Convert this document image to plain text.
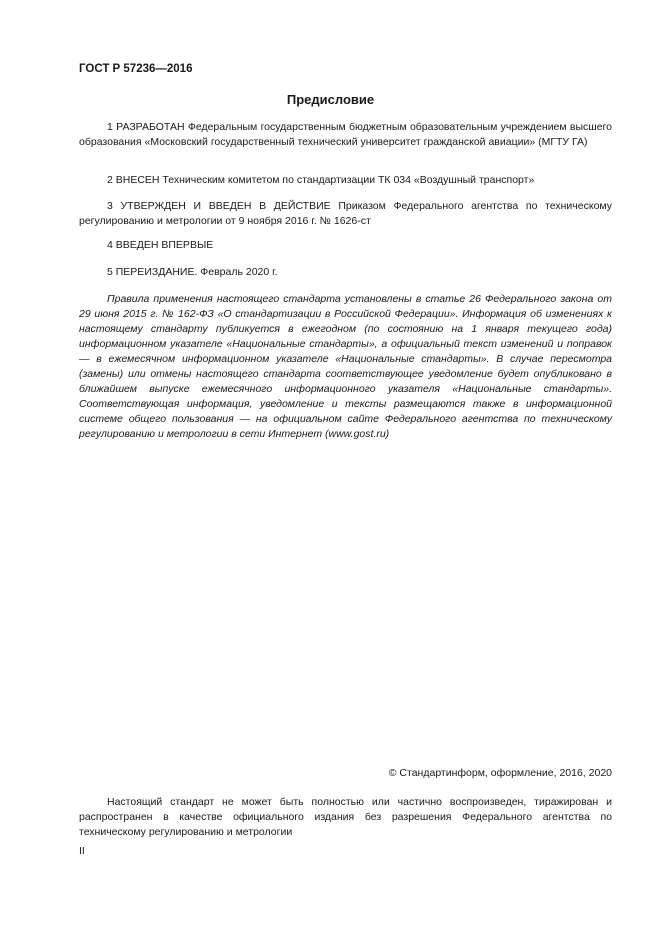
ГОСТ Р 57236—2016
Предисловие

1 РАЗРАБОТАН Федеральным государственным бюджетным образовательным учреждением высшего образования «Московский государственный технический университет гражданской авиации» (МГТУ ГА)

2 ВНЕСЕН Техническим комитетом по стандартизации ТК 034 «Воздушный транспорт»

3 УТВЕРЖДЕН И ВВЕДЕН В ДЕЙСТВИЕ Приказом Федерального агентства по техническому регулированию и метрологии от 9 ноября 2016 г. № 1626-ст

4 ВВЕДЕН ВПЕРВЫЕ

5 ПЕРЕИЗДАНИЕ. Февраль 2020 г.

Правила применения настоящего стандарта установлены в статье 26 Федерального закона от 29 июня 2015 г. № 162-ФЗ «О стандартизации в Российской Федерации». Информация об изменениях к настоящему стандарту публикуется в ежегодном (по состоянию на 1 января текущего года) информационном указателе «Национальные стандарты», а официальный текст изменений и поправок — в ежемесячном информационном указателе «Национальные стандарты». В случае пересмотра (замены) или отмены настоящего стандарта соответствующее уведомление будет опубликовано в ближайшем выпуске ежемесячного информационного указателя «Национальные стандарты». Соответствующая информация, уведомление и тексты размещаются также в информационной системе общего пользования — на официальном сайте Федерального агентства по техническому регулированию и метрологии в сети Интернет (www.gost.ru)

© Стандартинформ, оформление, 2016, 2020

Настоящий стандарт не может быть полностью или частично воспроизведен, тиражирован и распространен в качестве официального издания без разрешения Федерального агентства по техническому регулированию и метрологии

II
